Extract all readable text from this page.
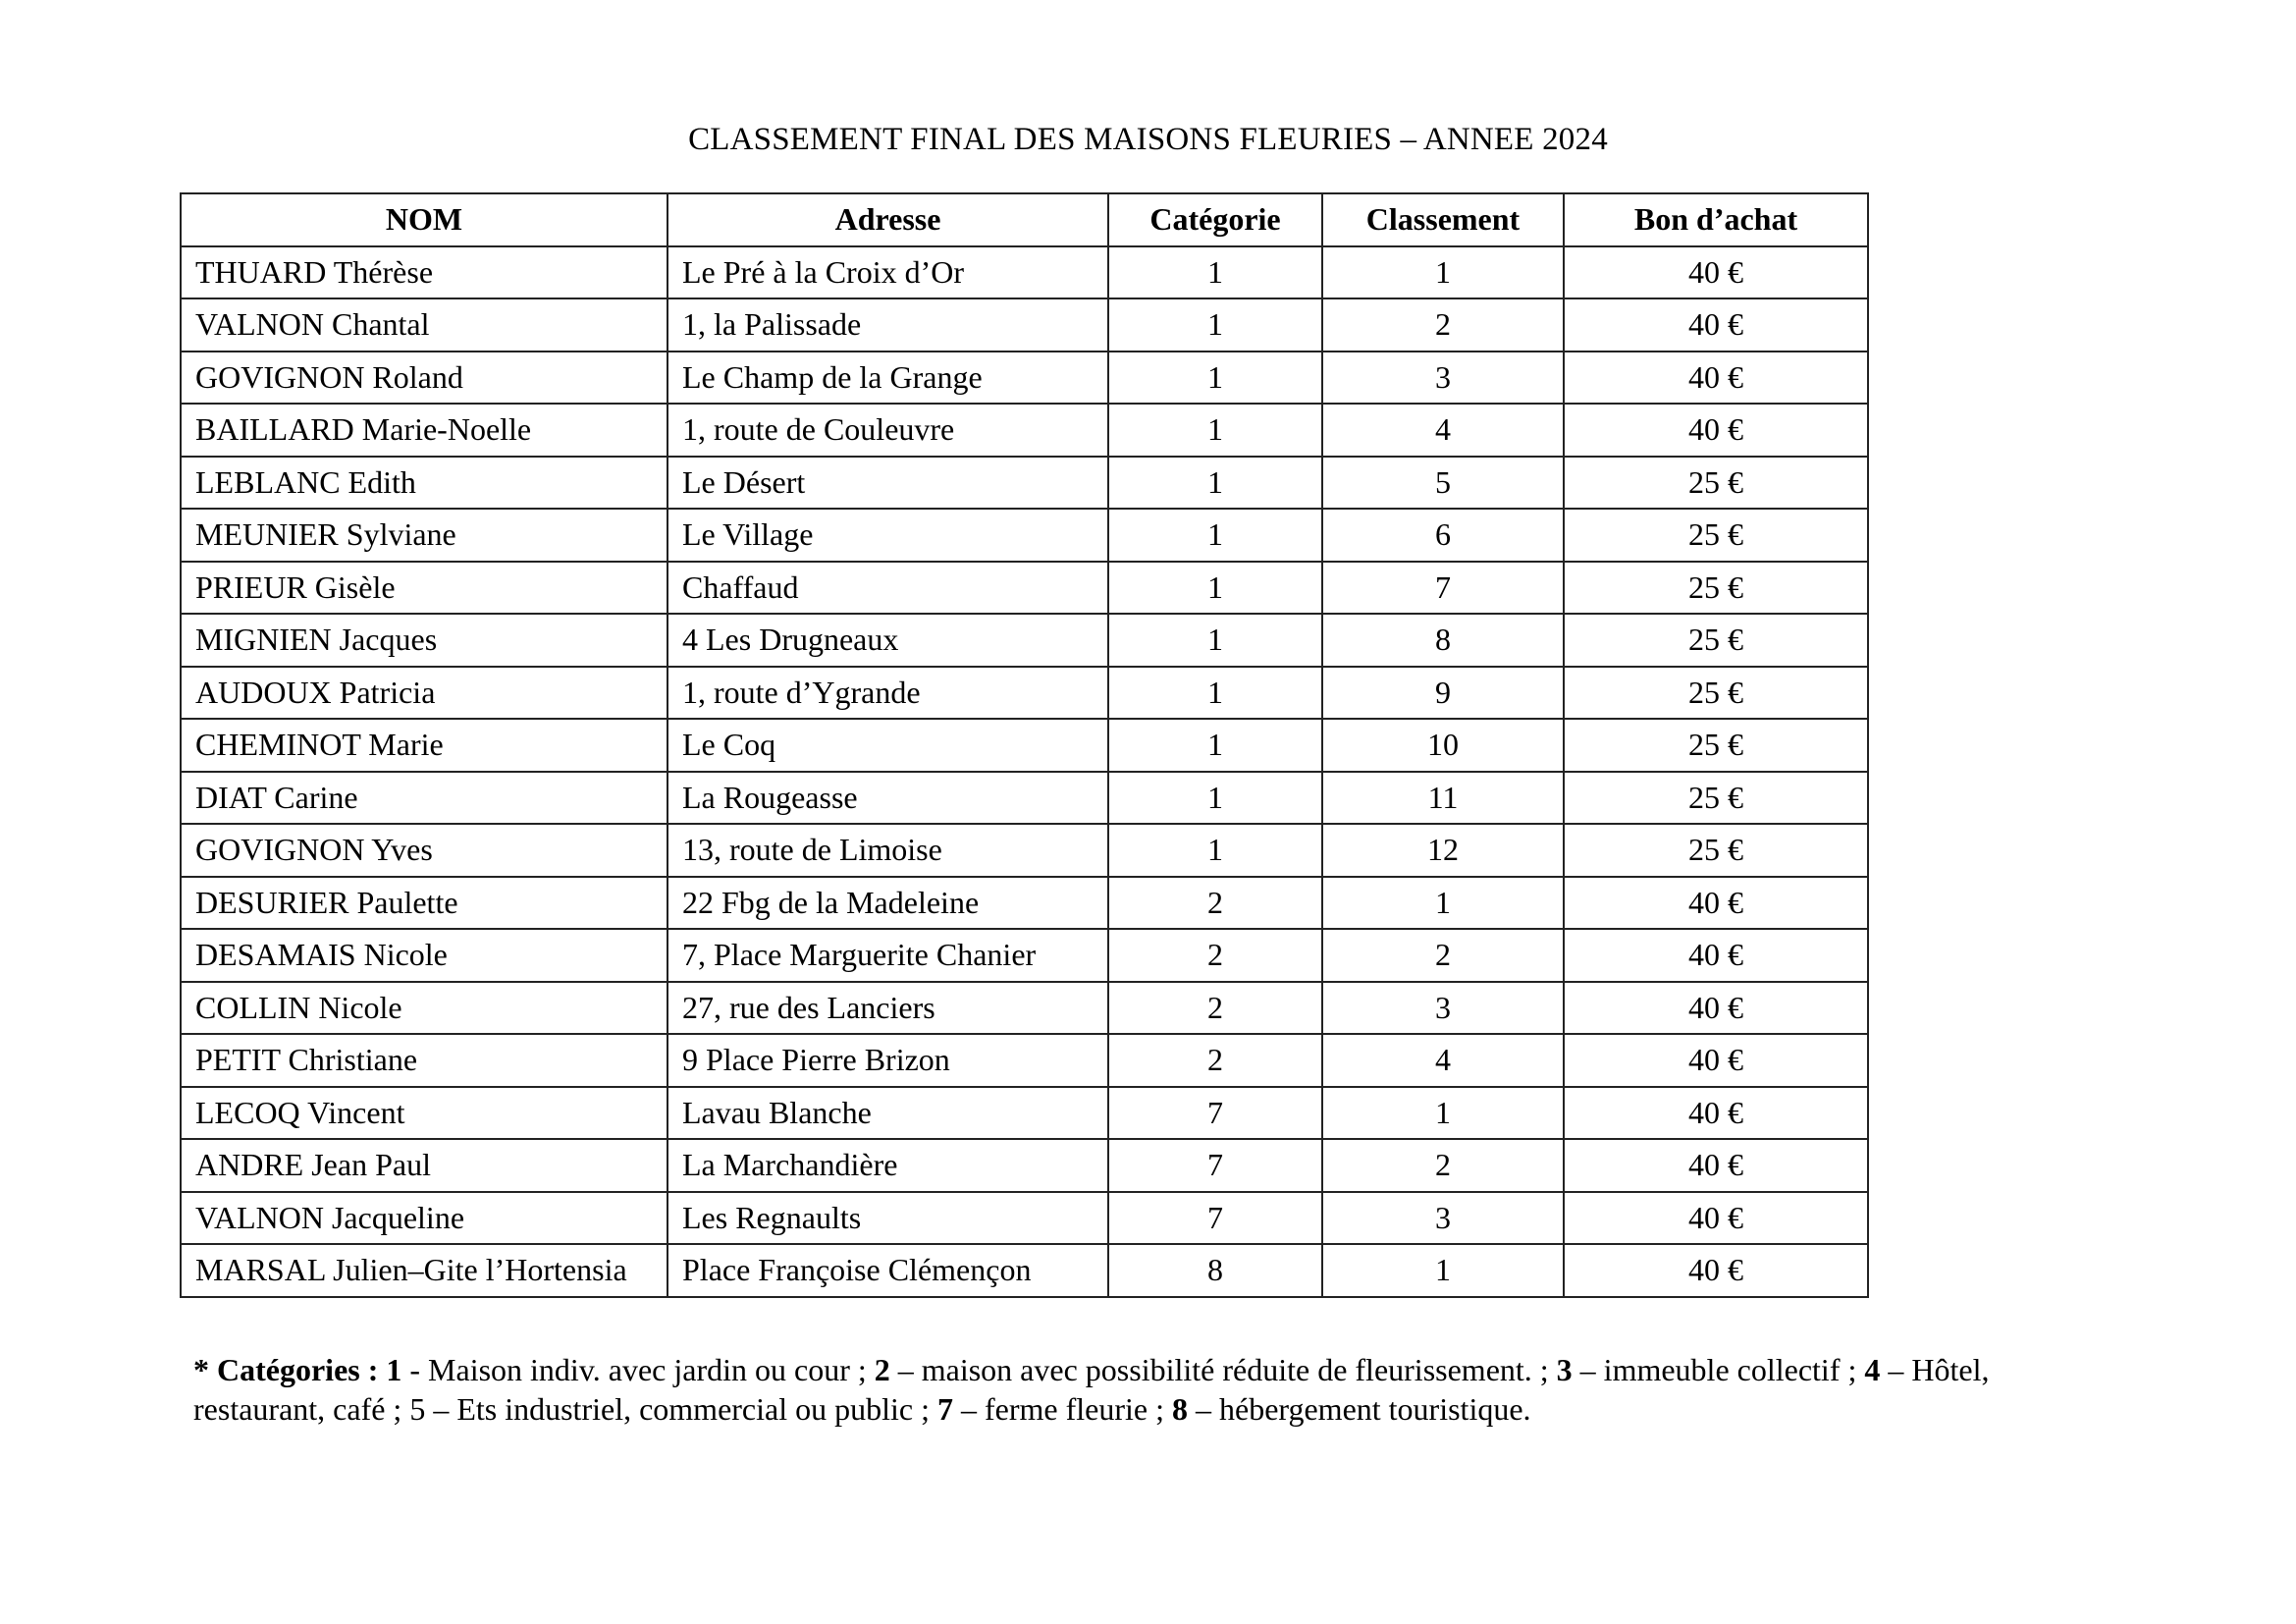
CLASSEMENT FINAL DES MAISONS FLEURIES – ANNEE 2024
NOM	Adresse	Catégorie	Classement	Bon d’achat
THUARD Thérèse	Le Pré à la Croix d’Or	1	1	40 €
VALNON Chantal	1, la Palissade	1	2	40 €
GOVIGNON Roland	Le Champ de la Grange	1	3	40 €
BAILLARD Marie-Noelle	1, route de Couleuvre	1	4	40 €
LEBLANC Edith	Le Désert	1	5	25 €
MEUNIER Sylviane	Le Village	1	6	25 €
PRIEUR Gisèle	Chaffaud	1	7	25 €
MIGNIEN Jacques	4 Les Drugneaux	1	8	25 €
AUDOUX Patricia	1, route d’Ygrande	1	9	25 €
CHEMINOT Marie	Le Coq	1	10	25 €
DIAT Carine	La Rougeasse	1	11	25 €
GOVIGNON Yves	13, route de Limoise	1	12	25 €
DESURIER Paulette	22 Fbg de la Madeleine	2	1	40 €
DESAMAIS Nicole	7, Place Marguerite Chanier	2	2	40 €
COLLIN Nicole	27, rue des Lanciers	2	3	40 €
PETIT Christiane	9 Place Pierre Brizon	2	4	40 €
LECOQ Vincent	Lavau Blanche	7	1	40 €
ANDRE Jean Paul	La Marchandière	7	2	40 €
VALNON Jacqueline	Les Regnaults	7	3	40 €
MARSAL Julien–Gite l’Hortensia	Place Françoise Clémençon	8	1	40 €
* Catégories : 1 - Maison indiv. avec jardin ou cour ; 2 – maison avec possibilité réduite de fleurissement. ; 3 – immeuble collectif ; 4 – Hôtel, restaurant, café ; 5 – Ets industriel, commercial ou public ; 7 – ferme fleurie ; 8 – hébergement touristique.
